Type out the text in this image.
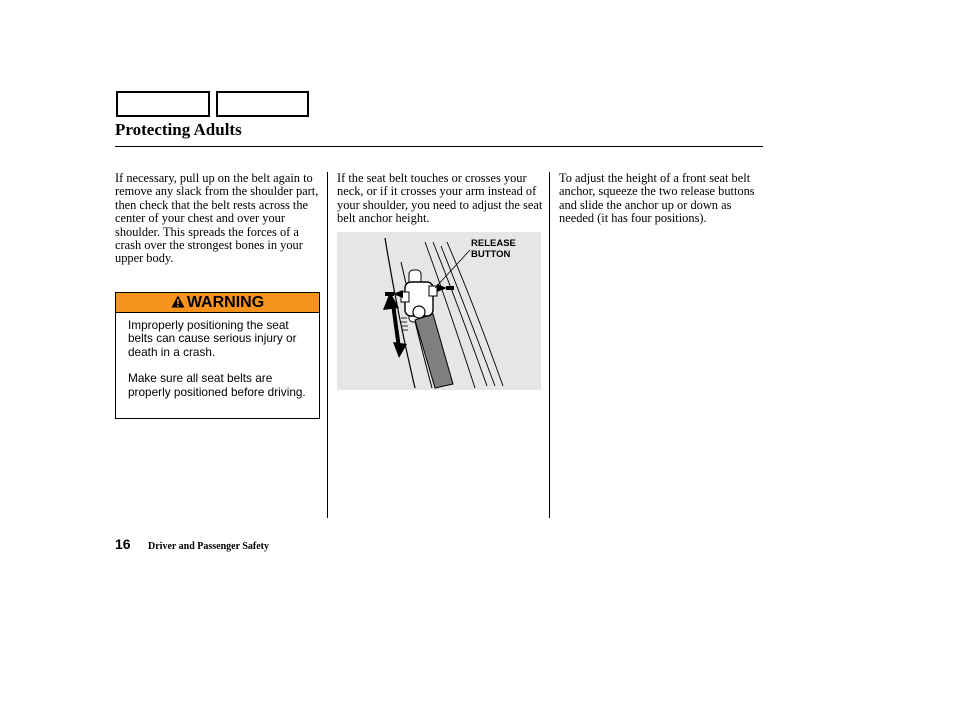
Protecting Adults
If necessary, pull up on the belt again to remove any slack from the shoulder part, then check that the belt rests across the center of your chest and over your shoulder. This spreads the forces of a crash over the strongest bones in your upper body.
WARNING

Improperly positioning the seat belts can cause serious injury or death in a crash.

Make sure all seat belts are properly positioned before driving.

If the seat belt touches or crosses your neck, or if it crosses your arm instead of your shoulder, you need to adjust the seat belt anchor height.
RELEASE
BUTTON
To adjust the height of a front seat belt anchor, squeeze the two release buttons and slide the anchor up or down as needed (it has four positions).
16 Driver and Passenger Safety
